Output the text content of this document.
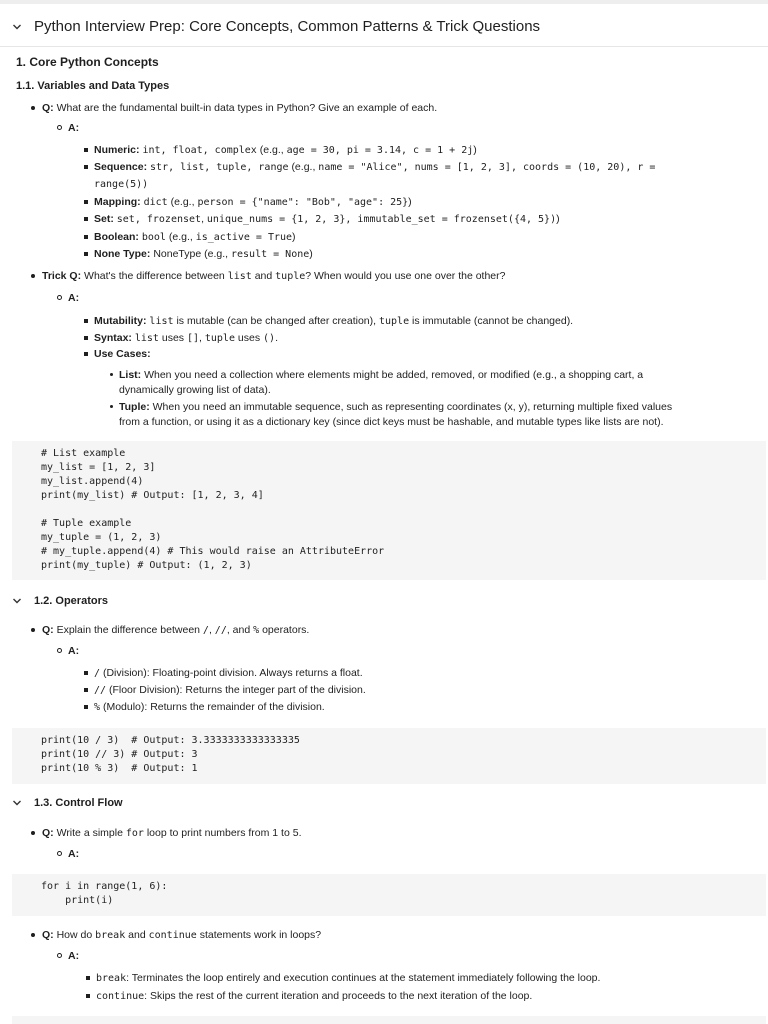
Python Interview Prep: Core Concepts, Common Patterns & Trick Questions
1. Core Python Concepts
1.1. Variables and Data Types
Q: What are the fundamental built-in data types in Python? Give an example of each.
A:
Numeric: int, float, complex (e.g., age = 30, pi = 3.14, c = 1 + 2j)
Sequence: str, list, tuple, range (e.g., name = "Alice", nums = [1, 2, 3], coords = (10, 20), r =
range(5))
Mapping: dict (e.g., person = {"name": "Bob", "age": 25})
Set: set, frozenset, unique_nums = {1, 2, 3}, immutable_set = frozenset({4, 5}))
Boolean: bool (e.g., is_active = True)
None Type: NoneType (e.g., result = None)
Trick Q: What's the difference between list and tuple? When would you use one over the other?
A:
Mutability: list is mutable (can be changed after creation), tuple is immutable (cannot be changed).
Syntax: list uses [], tuple uses ().
Use Cases:
List: When you need a collection where elements might be added, removed, or modified (e.g., a shopping cart, a
dynamically growing list of data).
Tuple: When you need an immutable sequence, such as representing coordinates (x, y), returning multiple fixed values
from a function, or using it as a dictionary key (since dict keys must be hashable, and mutable types like lists are not).
# List example
my_list = [1, 2, 3]
my_list.append(4)
print(my_list) # Output: [1, 2, 3, 4]

# Tuple example
my_tuple = (1, 2, 3)
# my_tuple.append(4) # This would raise an AttributeError
print(my_tuple) # Output: (1, 2, 3)
1.2. Operators
Q: Explain the difference between /, //, and % operators.
A:
/ (Division): Floating-point division. Always returns a float.
// (Floor Division): Returns the integer part of the division.
% (Modulo): Returns the remainder of the division.
print(10 / 3)  # Output: 3.3333333333333335
print(10 // 3) # Output: 3
print(10 % 3)  # Output: 1
1.3. Control Flow
Q: Write a simple for loop to print numbers from 1 to 5.
A:
for i in range(1, 6):
print(i)
Q: How do break and continue statements work in loops?
A:
break: Terminates the loop entirely and execution continues at the statement immediately following the loop.
continue: Skips the rest of the current iteration and proceeds to the next iteration of the loop.
